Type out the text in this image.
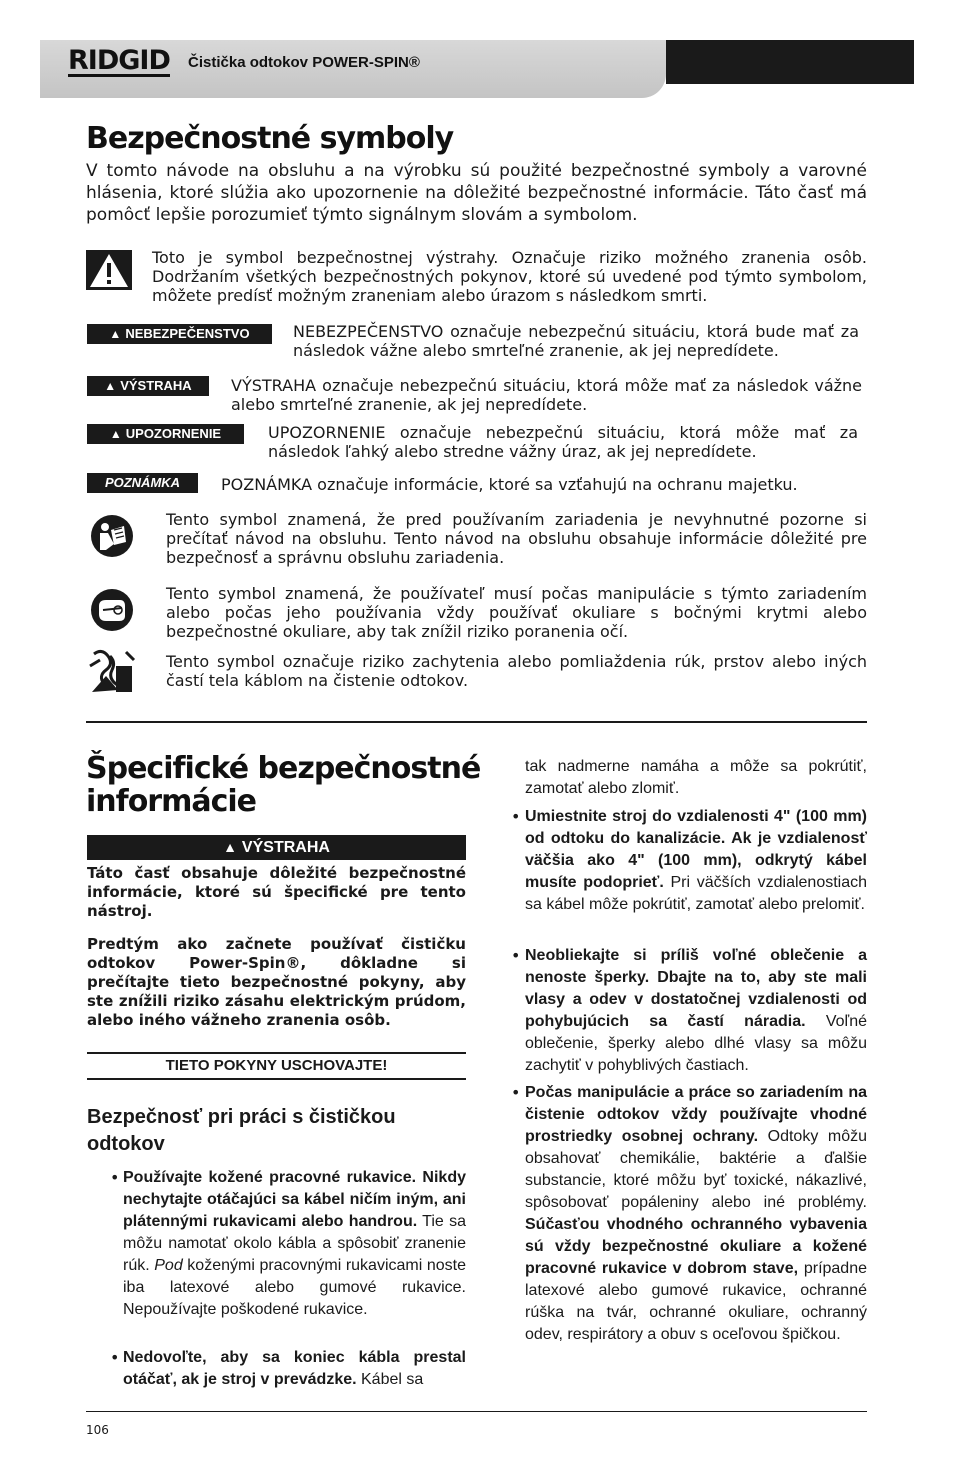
RIDGID Čistička odtokov POWER-SPIN®
Bezpečnostné symboly

V tomto návode na obsluhu a na výrobku sú použité bezpečnostné symboly a varovné hlásenia, ktoré slúžia ako upozornenie na dôležité bezpečnostné informácie. Táto časť má pomôcť lepšie porozumieť týmto signálnym slovám a symbolom.

Toto je symbol bezpečnostnej výstrahy. Označuje riziko možného zranenia osôb. Dodržaním všetkých bezpečnostných pokynov, ktoré sú uvedené pod týmto symbolom, môžete predísť možným zraneniam alebo úrazom s následkom smrti.

▲ NEBEZPEČENSTVO	NEBEZPEČENSTVO označuje nebezpečnú situáciu, ktorá bude mať za následok vážne alebo smrteľné zranenie, ak jej nepredídete.

▲ VÝSTRAHA	VÝSTRAHA označuje nebezpečnú situáciu, ktorá môže mať za následok vážne alebo smrteľné zranenie, ak jej nepredídete.

▲ UPOZORNENIE	UPOZORNENIE označuje nebezpečnú situáciu, ktorá môže mať za následok ľahký alebo stredne vážny úraz, ak jej nepredídete.

POZNÁMKA	POZNÁMKA označuje informácie, ktoré sa vzťahujú na ochranu majetku.

Tento symbol znamená, že pred používaním zariadenia je nevyhnutné pozorne si prečítať návod na obsluhu. Tento návod na obsluhu obsahuje informácie dôležité pre bezpečnosť a správnu obsluhu zariadenia.

Tento symbol znamená, že používateľ musí počas manipulácie s týmto zariadením alebo počas jeho používania vždy používať okuliare s bočnými krytmi alebo bezpečnostné okuliare, aby tak znížil riziko poranenia očí.

Tento symbol označuje riziko zachytenia alebo pomliaždenia rúk, prstov alebo iných častí tela káblom na čistenie odtokov.

Špecifické bezpečnostné
informácie
▲ VÝSTRAHA

Táto časť obsahuje dôležité bezpečnostné informácie, ktoré sú špecifické pre tento nástroj.

Predtým ako začnete používať čističku odtokov Power-Spin®, dôkladne si prečítajte tieto bezpečnostné pokyny, aby ste znížili riziko zásahu elektrickým prúdom, alebo iného vážneho zranenia osôb.

TIETO POKYNY USCHOVAJTE!

Bezpečnosť pri práci s čističkou odtokov

• Používajte kožené pracovné rukavice. Nikdy nechytajte otáčajúci sa kábel ničím iným, ani plátennými rukavicami alebo handrou. Tie sa môžu namotať okolo kábla a spôsobiť zranenie rúk. Pod koženými pracovnými rukavicami noste iba latexové alebo gumové rukavice. Nepoužívajte poškodené rukavice.

• Nedovoľte, aby sa koniec kábla prestal otáčať, ak je stroj v prevádzke. Kábel sa

tak nadmerne namáha a môže sa pokrútiť, zamotať alebo zlomiť.

• Umiestnite stroj do vzdialenosti 4" (100 mm) od odtoku do kanalizácie. Ak je vzdialenosť väčšia ako 4" (100 mm), odkrytý kábel musíte podoprieť. Pri väčších vzdialenostiach sa kábel môže pokrútiť, zamotať alebo prelomiť.

• Neobliekajte si príliš voľné oblečenie a nenoste šperky. Dbajte na to, aby ste mali vlasy a odev v dostatočnej vzdialenosti od pohybujúcich sa častí náradia. Voľné oblečenie, šperky alebo dlhé vlasy sa môžu zachytiť v pohyblivých častiach.

• Počas manipulácie a práce so zariadením na čistenie odtokov vždy používajte vhodné prostriedky osobnej ochrany. Odtoky môžu obsahovať chemikálie, baktérie a ďalšie substancie, ktoré môžu byť toxické, nákazlivé, spôsobovať popáleniny alebo iné problémy. Súčasťou vhodného ochranného vybavenia sú vždy bezpečnostné okuliare a kožené pracovné rukavice v dobrom stave, prípadne latexové alebo gumové rukavice, ochranné rúška na tvár, ochranné okuliare, ochranný odev, respirátory a obuv s oceľovou špičkou.

106
